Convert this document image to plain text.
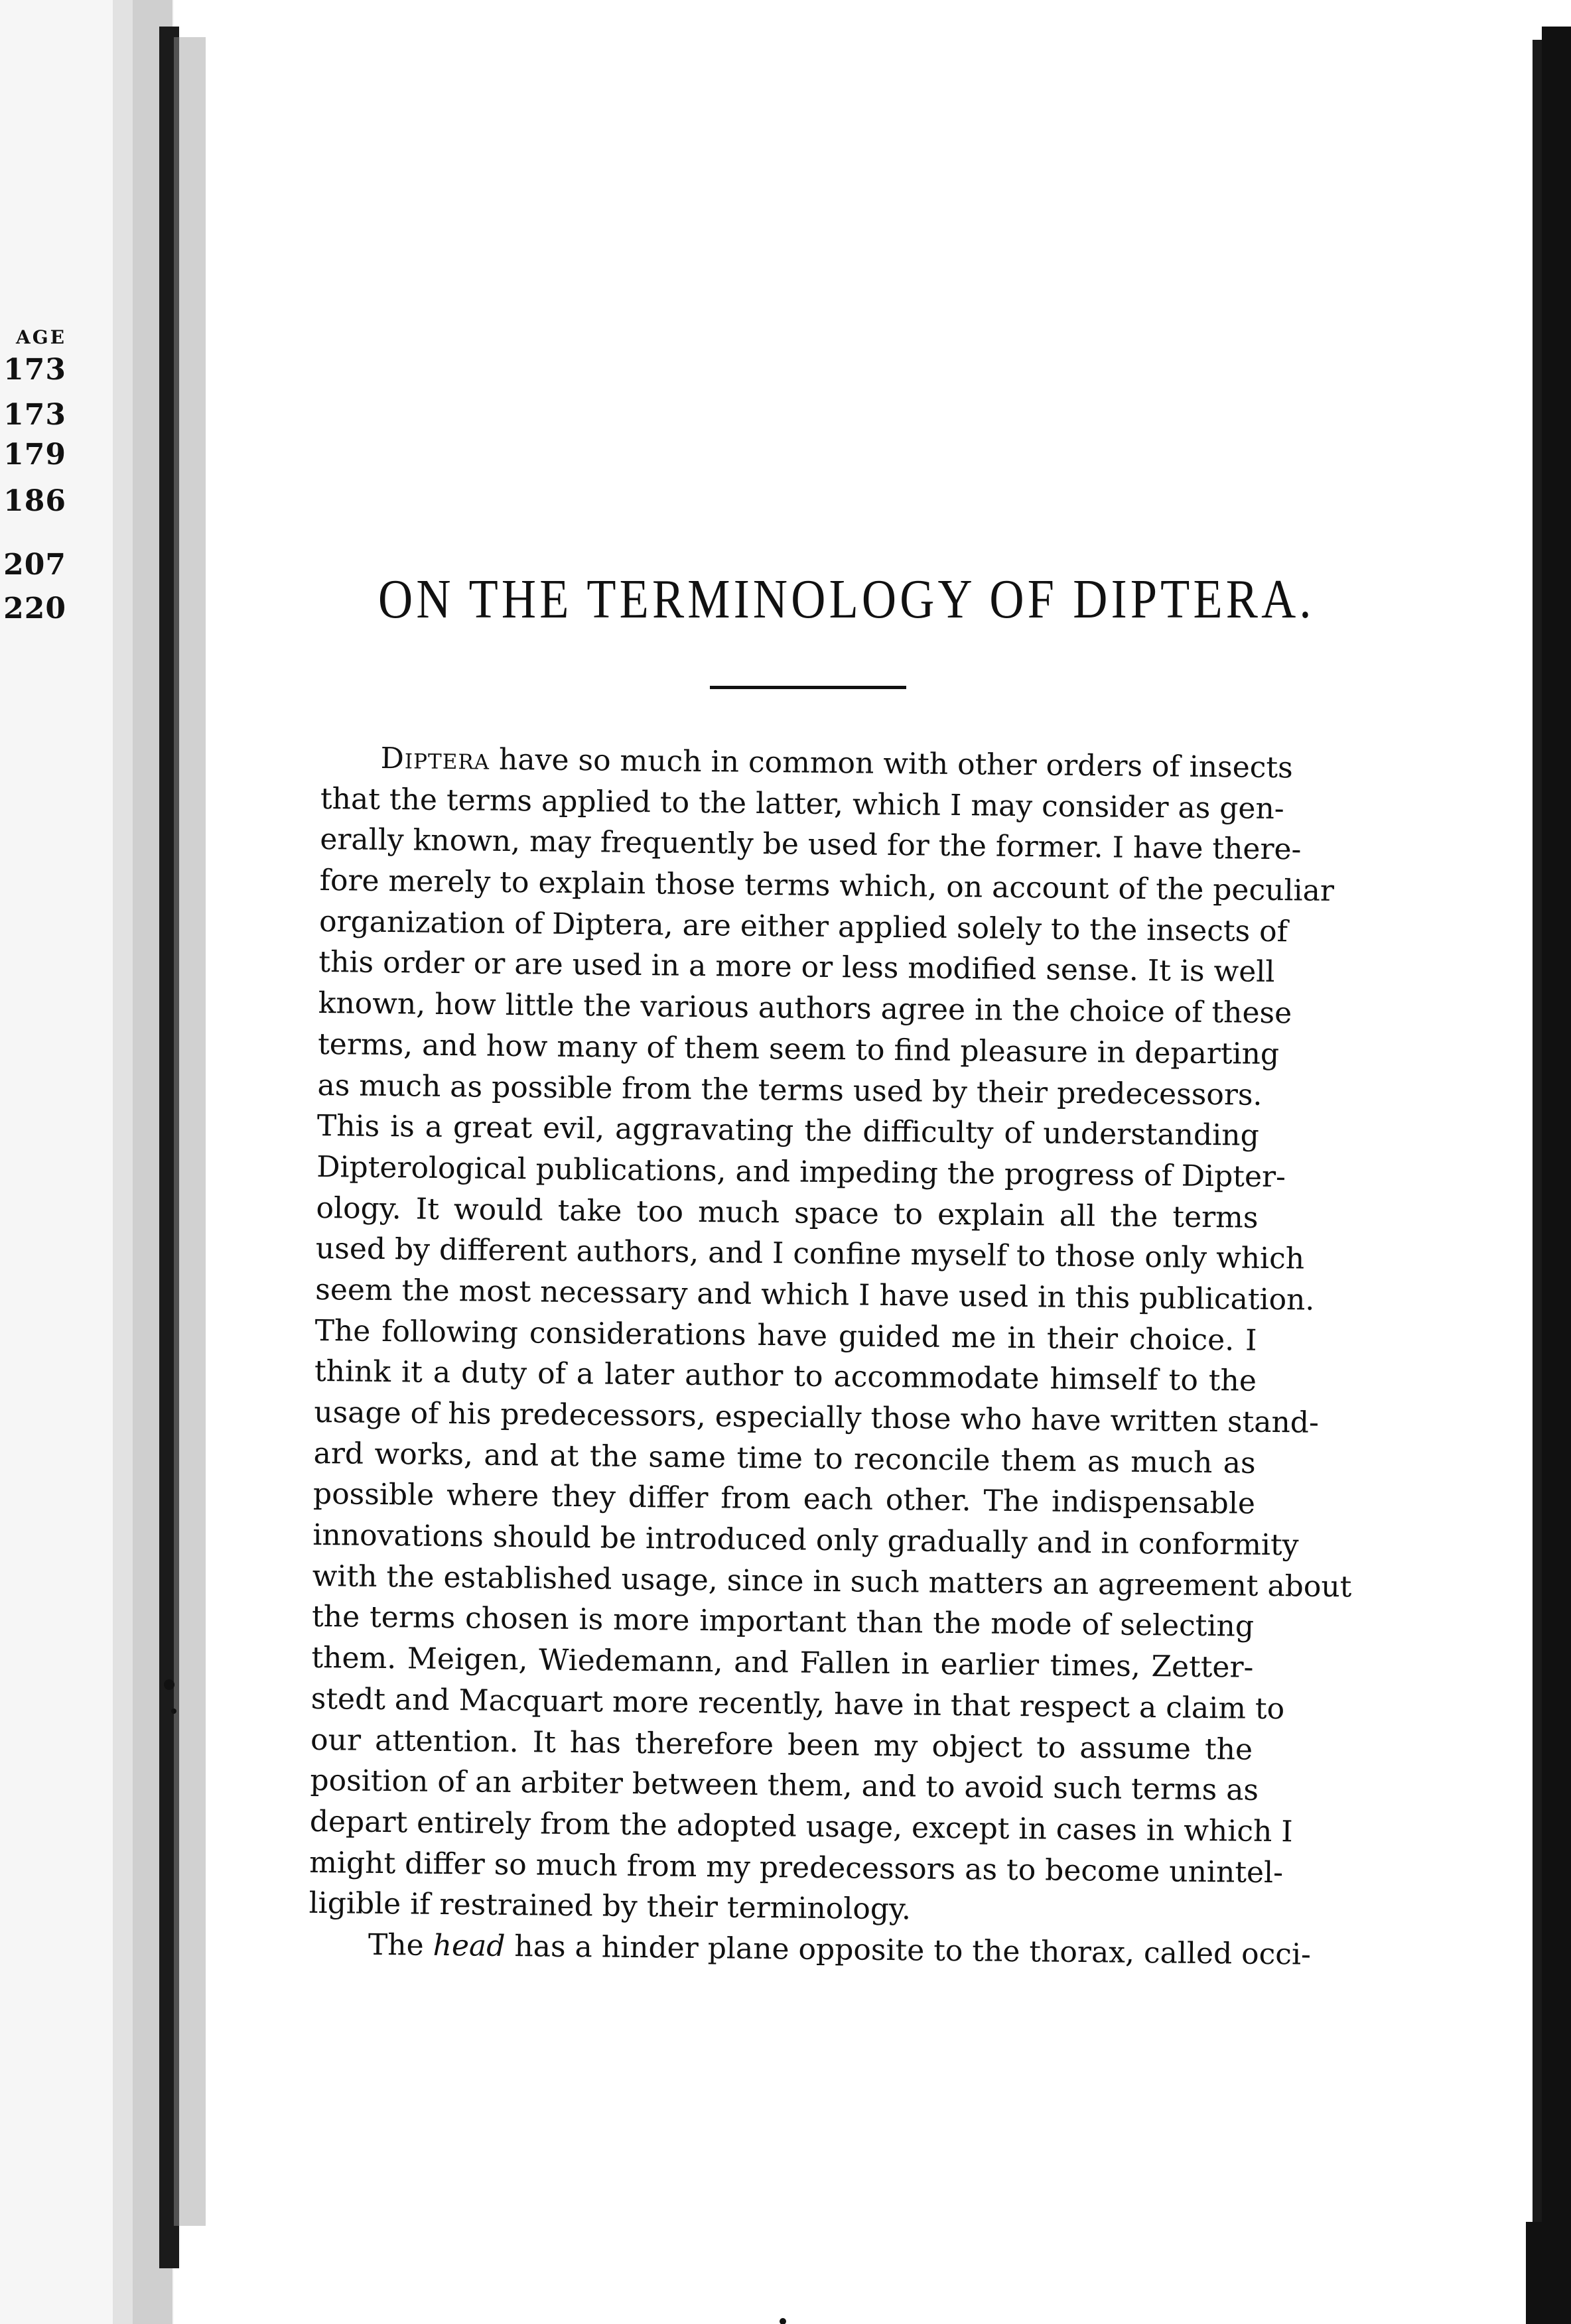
AGE
173
173
179
186
207
220	ON THE TERMINOLOGY OF DIPTERA.
Diptera have so much in common with other orders of insects
that the terms applied to the latter, which I may consider as gen-
erally known, may frequently be used for the former. I have there-
fore merely to explain those terms which, on account of the peculiar
organization of Diptera, are either applied solely to the insects of
this order or are used in a more or less modified sense. It is well
known, how little the various authors agree in the choice of these
terms, and how many of them seem to find pleasure in departing
as much as possible from the terms used by their predecessors.
This is a great evil, aggravating the difficulty of understanding
Dipterological publications, and impeding the progress of Dipter-
ology. It would take too much space to explain all the terms
used by different authors, and I confine myself to those only which
seem the most necessary and which I have used in this publication.
The following considerations have guided me in their choice. I
think it a duty of a later author to accommodate himself to the
usage of his predecessors, especially those who have written stand-
ard works, and at the same time to reconcile them as much as
possible where they differ from each other. The indispensable
innovations should be introduced only gradually and in conformity
with the established usage, since in such matters an agreement about
the terms chosen is more important than the mode of selecting
them. Meigen, Wiedemann, and Fallen in earlier times, Zetter-
stedt and Macquart more recently, have in that respect a claim to
our attention. It has therefore been my object to assume the
position of an arbiter between them, and to avoid such terms as
depart entirely from the adopted usage, except in cases in which I
might differ so much from my predecessors as to become unintel-
ligible if restrained by their terminology.
The head has a hinder plane opposite to the thorax, called occi-
